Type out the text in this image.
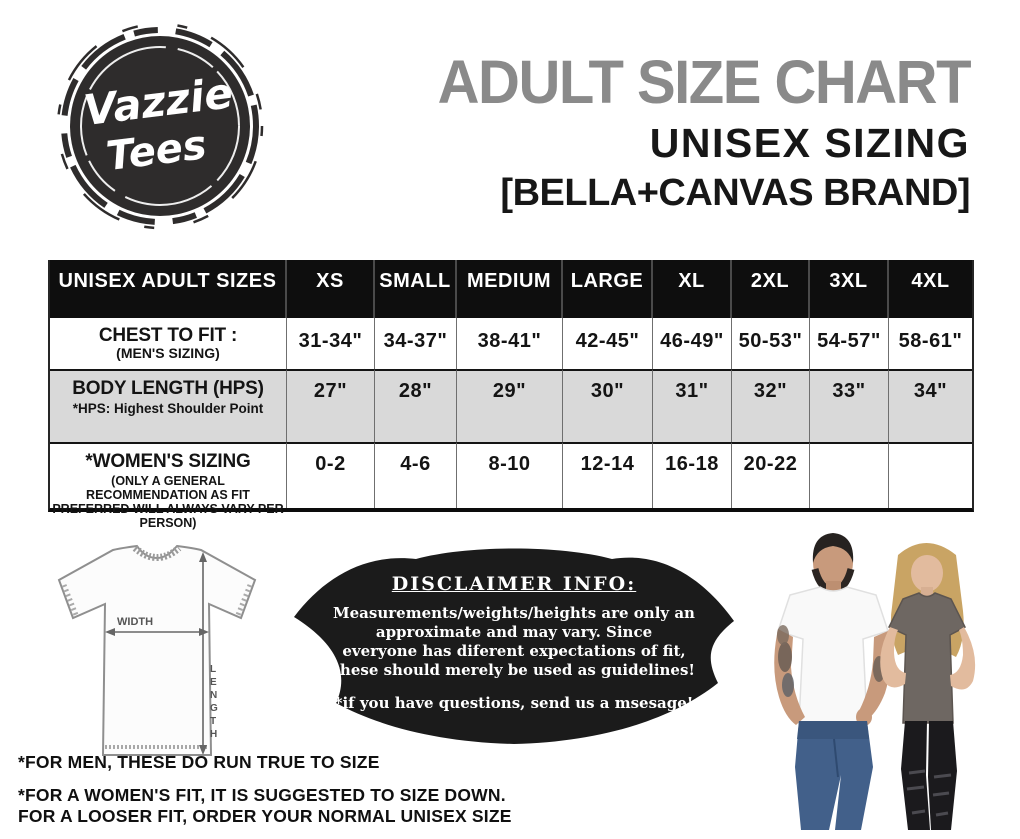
Vazzie
Tees
ADULT SIZE CHART
UNISEX SIZING
[BELLA+CANVAS BRAND]
UNISEX ADULT SIZES	XS	SMALL MEDIUM LARGE	XL	2XL	3XL	4XL
CHEST TO FIT :
(MEN'S SIZING)
31-34"	34-37"	38-41"	42-45"	46-49" 50-53" 54-57" 58-61"
BODY LENGTH (HPS)
*HPS: Highest Shoulder Point
27"	28"	29"	30"	31"	32"	33"	34"
*WOMEN'S SIZING
(ONLY A GENERAL RECOMMENDATION AS FIT PREFERRED WILL ALWAYS VARY PER PERSON)
0-2	4-6	8-10	12-14	16-18	20-22
WIDTH
L
E
N
G
T
H
DISCLAIMER INFO:
Measurements/weights/heights are only an
approximate and may vary. Since
everyone has diferent expectations of fit,
these should merely be used as guidelines!
*if you have questions, send us a msesage!
*FOR MEN, THESE DO RUN TRUE TO SIZE
*FOR A WOMEN'S FIT, IT IS SUGGESTED TO SIZE DOWN.
FOR A LOOSER FIT, ORDER YOUR NORMAL UNISEX SIZE
